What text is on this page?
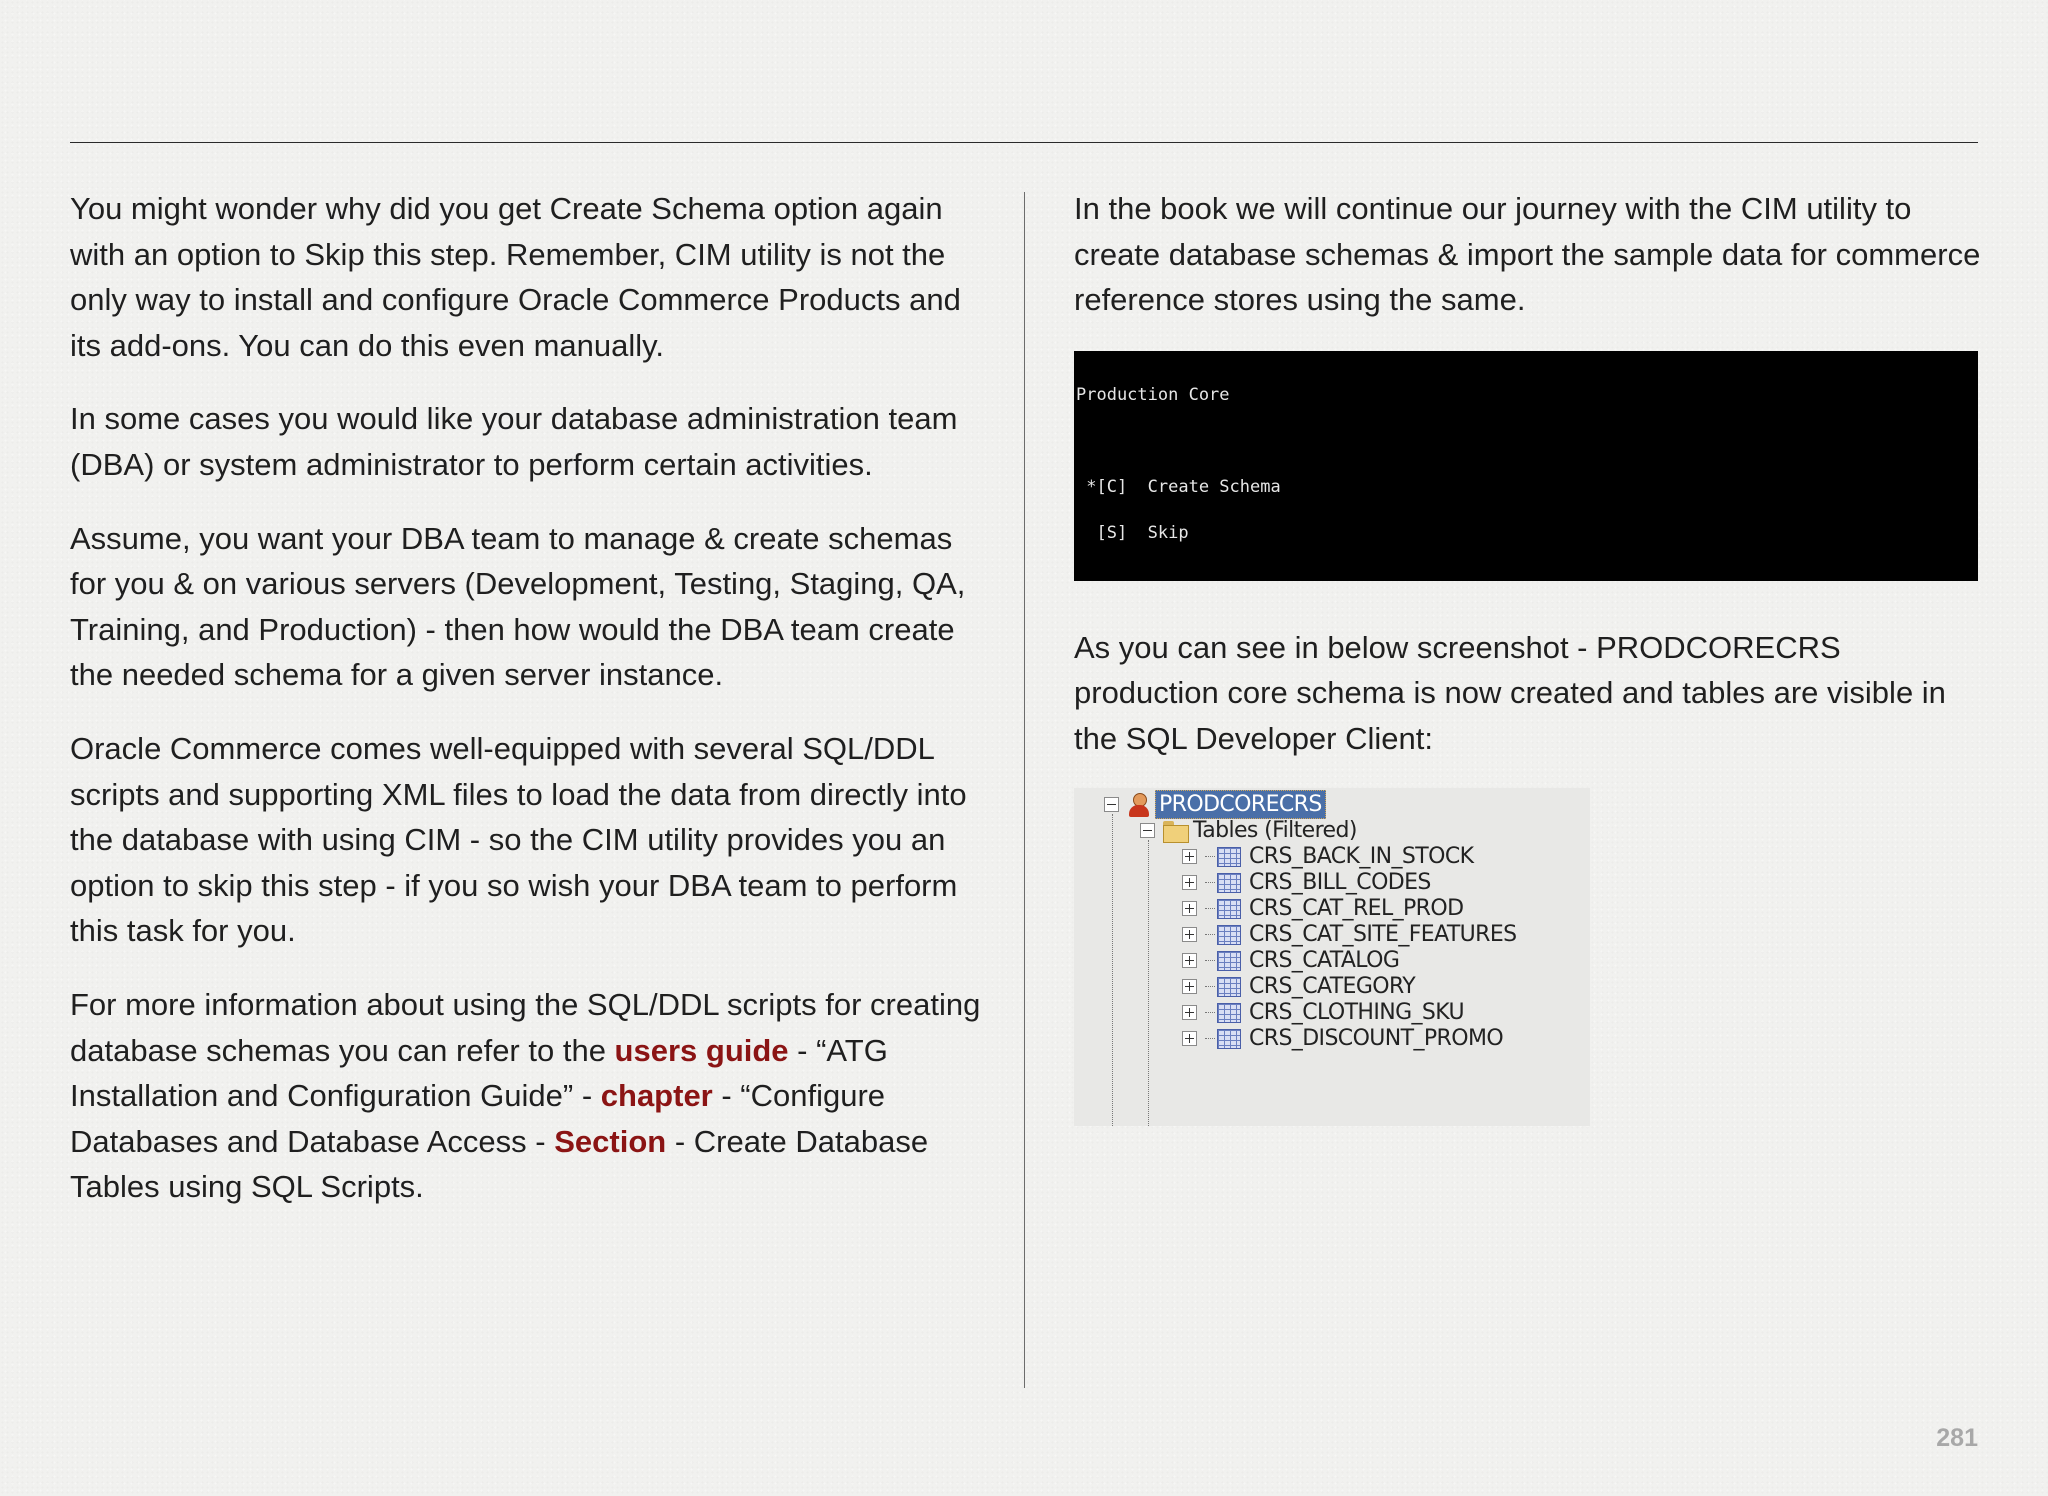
You might wonder why did you get Create Schema option again with an option to Skip this step. Remember, CIM utility is not the only way to install and configure Oracle Commerce Products and its add-ons. You can do this even manually.

In some cases you would like your database administration team (DBA) or system administrator to perform certain activities.

Assume, you want your DBA team to manage & create schemas for you & on various servers (Development, Testing, Staging, QA, Training, and Production) - then how would the DBA team create the needed schema for a given server instance.

Oracle Commerce comes well-equipped with several SQL/DDL scripts and supporting XML files to load the data from directly into the database with using CIM - so the CIM utility provides you an option to skip this step - if you so wish your DBA team to perform this task for you.

For more information about using the SQL/DDL scripts for creating database schemas you can refer to the users guide - “ATG Installation and Configuration Guide” - chapter - “Configure Databases and Database Access - Section - Create Database Tables using SQL Scripts.

In the book we will continue our journey with the CIM utility to create database schemas & import the sample data for commerce reference stores using the same.

Production Core

*[C]  Create Schema

[S]  Skip

As you can see in below screenshot - PRODCORECRS production core schema is now created and tables are visible in the SQL Developer Client:

PRODCORECRS
Tables (Filtered)
CRS_BACK_IN_STOCK
CRS_BILL_CODES
CRS_CAT_REL_PROD
CRS_CAT_SITE_FEATURES
CRS_CATALOG
CRS_CATEGORY
CRS_CLOTHING_SKU
CRS_DISCOUNT_PROMO
281
